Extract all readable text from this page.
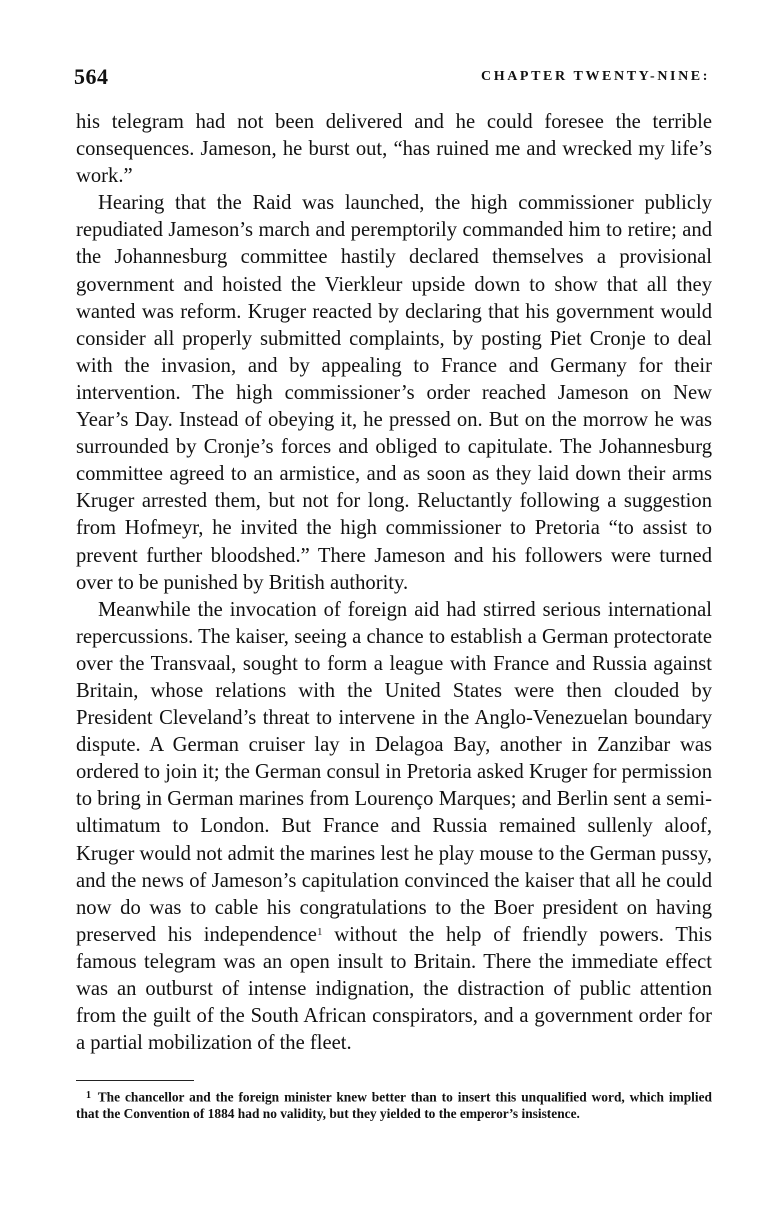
564	CHAPTER TWENTY-NINE:

his telegram had not been delivered and he could foresee the terrible consequences. Jameson, he burst out, “has ruined me and wrecked my life’s work.”

Hearing that the Raid was launched, the high commissioner publicly repudiated Jameson’s march and peremptorily commanded him to retire; and the Johannesburg committee hastily declared themselves a provisional government and hoisted the Vierkleur upside down to show that all they wanted was reform. Kruger reacted by declaring that his government would consider all properly submitted complaints, by posting Piet Cronje to deal with the invasion, and by appealing to France and Germany for their intervention. The high commissioner’s order reached Jameson on New Year’s Day. Instead of obeying it, he pressed on. But on the morrow he was surrounded by Cronje’s forces and obliged to capitulate. The Johannesburg committee agreed to an armistice, and as soon as they laid down their arms Kruger arrested them, but not for long. Reluctantly following a suggestion from Hofmeyr, he invited the high commissioner to Pretoria “to assist to prevent further bloodshed.” There Jameson and his followers were turned over to be punished by British authority.

Meanwhile the invocation of foreign aid had stirred serious international repercussions. The kaiser, seeing a chance to establish a German protectorate over the Transvaal, sought to form a league with France and Russia against Britain, whose relations with the United States were then clouded by President Cleveland’s threat to intervene in the Anglo-Venezuelan boundary dispute. A German cruiser lay in Delagoa Bay, another in Zanzibar was ordered to join it; the German consul in Pretoria asked Kruger for permission to bring in German marines from Lourenço Marques; and Berlin sent a semi-ultimatum to London. But France and Russia remained sullenly aloof, Kruger would not admit the marines lest he play mouse to the German pussy, and the news of Jameson’s capitulation convinced the kaiser that all he could now do was to cable his congratulations to the Boer president on having preserved his independence$^1$ without the help of friendly powers. This famous telegram was an open insult to Britain. There the immediate effect was an outburst of intense indignation, the distraction of public attention from the guilt of the South African conspirators, and a government order for a partial mobilization of the fleet.

$^1$ The chancellor and the foreign minister knew better than to insert this unqualified word, which implied that the Convention of 1884 had no validity, but they yielded to the emperor’s insistence.
